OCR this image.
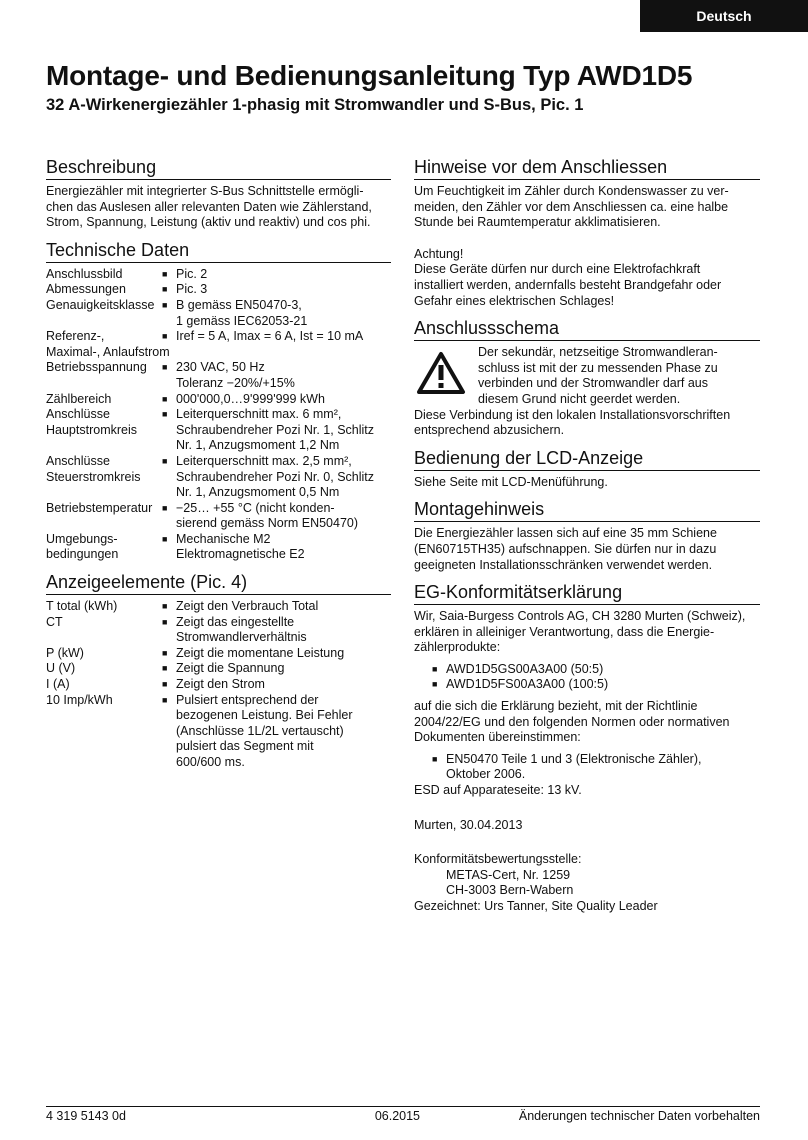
Deutsch
Montage- und Bedienungsanleitung Typ AWD1D5
32 A-Wirkenergiezähler 1-phasig mit Stromwandler und S-Bus, Pic. 1
Beschreibung
Energiezähler mit integrierter S-Bus Schnittstelle ermögli-
chen das Auslesen aller relevanten Daten wie Zählerstand,
Strom, Spannung, Leistung (aktiv und reaktiv) und cos phi.
Technische Daten
Anschlussbild	■ Pic. 2
Abmessungen	■ Pic. 3
Genauigkeitsklasse ■ B gemäss EN50470-3,
1 gemäss IEC62053-21
Referenz-,
Maximal-, Anlaufstrom
■ Iref = 5 A, Imax = 6 A, Ist = 10 mA
Betriebsspannung	■ 230 VAC, 50 Hz
Toleranz −20%/+15%
Zählbereich	■ 000'000,0…9'999'999 kWh
Anschlüsse
Hauptstromkreis
■ Leiterquerschnitt max. 6 mm²,
Schraubendreher Pozi Nr. 1, Schlitz
Nr. 1, Anzugsmoment 1,2 Nm
Anschlüsse
Steuerstromkreis
■ Leiterquerschnitt max. 2,5 mm²,
Schraubendreher Pozi Nr. 0, Schlitz
Nr. 1, Anzugsmoment 0,5 Nm
Betriebstemperatur	■ −25… +55 °C (nicht konden-
sierend gemäss Norm EN50470)
Umgebungs-
bedingungen
■ Mechanische M2
Elektromagnetische E2
Anzeigeelemente (Pic. 4)
T total (kWh)	■ Zeigt den Verbrauch Total
CT	■ Zeigt das eingestellte
Stromwandlerverhältnis
P (kW)	■ Zeigt die momentane Leistung
U (V)	■ Zeigt die Spannung
I (A)	■ Zeigt den Strom
10 Imp/kWh	■ Pulsiert entsprechend der
bezogenen Leistung. Bei Fehler
(Anschlüsse 1L/2L vertauscht)
pulsiert das Segment mit
600/600 ms.
Hinweise vor dem Anschliessen
Um Feuchtigkeit im Zähler durch Kondenswasser zu ver-
meiden, den Zähler vor dem Anschliessen ca. eine halbe
Stunde bei Raumtemperatur akklimatisieren.
Achtung!
Diese Geräte dürfen nur durch eine Elektrofachkraft
installiert werden, andernfalls besteht Brandgefahr oder
Gefahr eines elektrischen Schlages!
Anschlussschema
Der sekundär, netzseitige Stromwandleran-
schluss ist mit der zu messenden Phase zu
verbinden und der Stromwandler darf aus
diesem Grund nicht geerdet werden.
Diese Verbindung ist den lokalen Installationsvorschriften
entsprechend abzusichern.
Bedienung der LCD-Anzeige
Siehe Seite mit LCD-Menüführung.
Montagehinweis
Die Energiezähler lassen sich auf eine 35 mm Schiene
(EN60715TH35) aufschnappen. Sie dürfen nur in dazu
geeigneten Installationsschränken verwendet werden.
EG-Konformitätserklärung
Wir, Saia-Burgess Controls AG, CH 3280 Murten (Schweiz),
erklären in alleiniger Verantwortung, dass die Energie-
zählerprodukte:
■ AWD1D5GS00A3A00 (50:5)
■ AWD1D5FS00A3A00 (100:5)
auf die sich die Erklärung bezieht, mit der Richtlinie
2004/22/EG und den folgenden Normen oder normativen
Dokumenten übereinstimmen:
■ EN50470 Teile 1 und 3 (Elektronische Zähler),
Oktober 2006.
ESD auf Apparateseite: 13 kV.
Murten, 30.04.2013
Konformitätsbewertungsstelle:
METAS-Cert, Nr. 1259
CH-3003 Bern-Wabern
Gezeichnet: Urs Tanner, Site Quality Leader
4 319 5143 0d	06.2015	Änderungen technischer Daten vorbehalten
